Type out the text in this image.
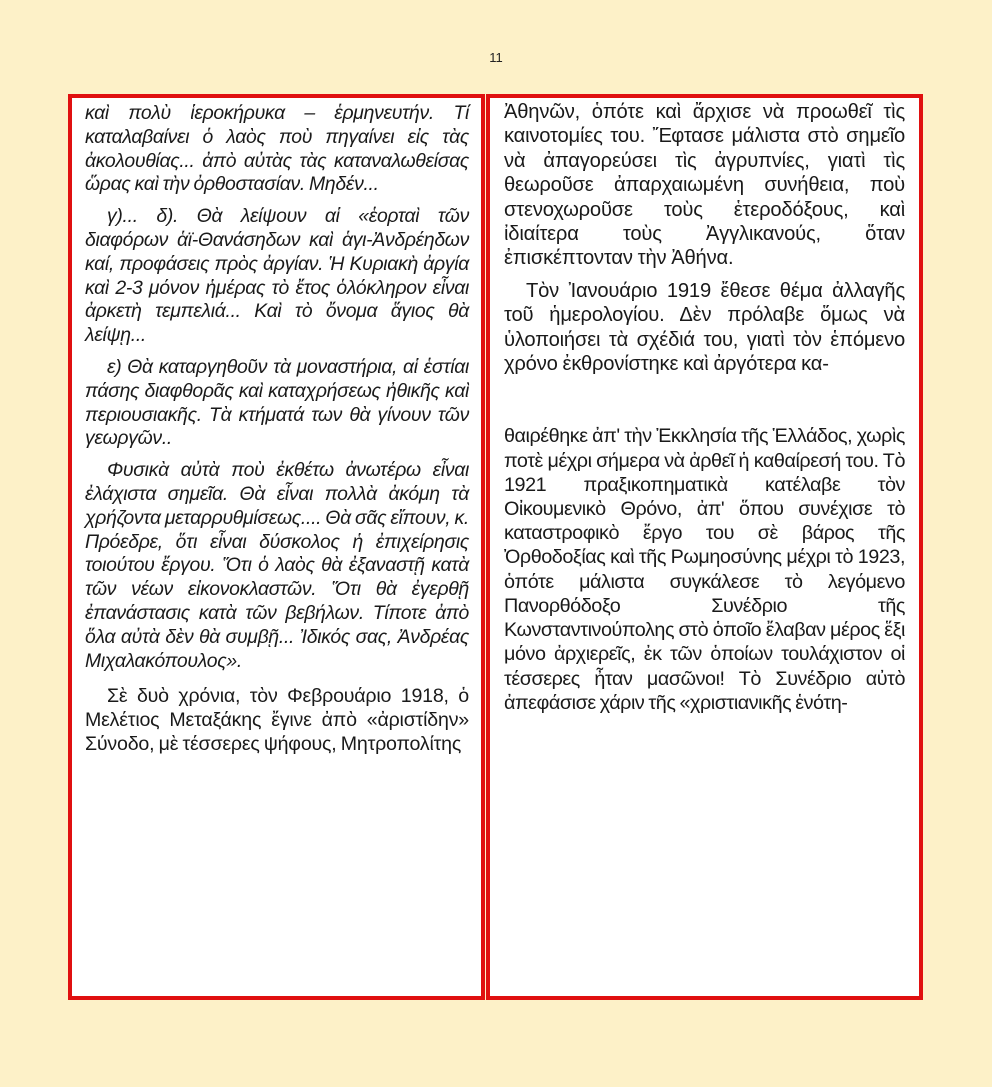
11

καὶ πολὺ ἱεροκήρυκα – ἑρμηνευτήν. Τί καταλαβαίνει ὁ λαὸς ποὺ πηγαίνει εἰς τὰς ἀκολουθίας... ἀπὸ αὐτὰς τὰς καταναλωθείσας ὥρας καὶ τὴν ὀρθοστασίαν. Μηδέν...

γ)... δ). Θὰ λείψουν αἱ «ἑορταὶ τῶν διαφόρων ἁϊ-Θανάσηδων καὶ ἁγι-Ἀνδρέηδων καί, προφάσεις πρὸς ἀργίαν. Ἡ Κυριακὴ ἀργία καὶ 2-3 μόνον ἡμέρας τὸ ἔτος ὁλόκληρον εἶναι ἀρκετὴ τεμπελιά... Καὶ τὸ ὄνομα ἅγιος θὰ λείψῃ...

ε) Θὰ καταργηθοῦν τὰ μοναστήρια, αἱ ἑστίαι πάσης διαφθορᾶς καὶ καταχρήσεως ἠθικῆς καὶ περιουσιακῆς. Τὰ κτήματά των θὰ γίνουν τῶν γεωργῶν..

Φυσικὰ αὐτὰ ποὺ ἐκθέτω ἀνωτέρω εἶναι ἐλάχιστα σημεῖα. Θὰ εἶναι πολλὰ ἀκόμη τὰ χρήζοντα μεταρρυθμίσεως.... Θὰ σᾶς εἴπουν, κ. Πρόεδρε, ὅτι εἶναι δύσκολος ἡ ἐπιχείρησις τοιούτου ἔργου. Ὅτι ὁ λαὸς θὰ ἐξαναστῇ κατὰ τῶν νέων εἰκονοκλαστῶν. Ὅτι θὰ ἐγερθῇ ἐπανάστασις κατὰ τῶν βεβήλων. Τίποτε ἀπὸ ὅλα αὐτὰ δὲν θὰ συμβῇ... Ἰδικός σας, Ἀνδρέας Μιχαλακόπουλος».

Σὲ δυὸ χρόνια, τὸν Φεβρουάριο 1918, ὁ Μελέτιος Μεταξάκης ἔγινε ἀπὸ «ἀριστίδην» Σύνοδο, μὲ τέσσερες ψήφους, Μητροπολίτης

Ἀθηνῶν, ὁπότε καὶ ἄρχισε νὰ προωθεῖ τὶς καινοτομίες του. Ἔφτασε μάλιστα στὸ σημεῖο νὰ ἀπαγορεύσει τὶς ἀγρυπνίες, γιατὶ τὶς θεωροῦσε ἀπαρχαιωμένη συνήθεια, ποὺ στενοχωροῦσε τοὺς ἑτεροδόξους, καὶ ἰδιαίτερα τοὺς Ἀγγλικανούς, ὅταν ἐπισκέπτονταν τὴν Ἀθήνα.

Τὸν Ἰανουάριο 1919 ἔθεσε θέμα ἀλλαγῆς τοῦ ἡμερολογίου. Δὲν πρόλαβε ὅμως νὰ ὑλοποιήσει τὰ σχέδιά του, γιατὶ τὸν ἑπόμενο χρόνο ἐκθρονίστηκε καὶ ἀργότερα κα-

θαιρέθηκε ἀπ' τὴν Ἐκκλησία τῆς Ἑλλάδος, χωρὶς ποτὲ μέχρι σήμερα νὰ ἀρθεῖ ἡ καθαίρεσή του. Τὸ 1921 πραξικοπηματικὰ κατέλαβε τὸν Οἰκουμενικὸ Θρόνο, ἀπ' ὅπου συνέχισε τὸ καταστροφικὸ ἔργο του σὲ βάρος τῆς Ὀρθοδοξίας καὶ τῆς Ρωμηοσύνης μέχρι τὸ 1923, ὁπότε μάλιστα συγκάλεσε τὸ λεγόμενο Πανορθόδοξο Συνέδριο τῆς Κωνσταντινούπολης στὸ ὁποῖο ἔλαβαν μέρος ἕξι μόνο ἀρχιερεῖς, ἐκ τῶν ὁποίων τουλάχιστον οἱ τέσσερες ἦταν μασῶνοι! Τὸ Συνέδριο αὐτὸ ἀπεφάσισε χάριν τῆς «χριστιανικῆς ἑνότη-
